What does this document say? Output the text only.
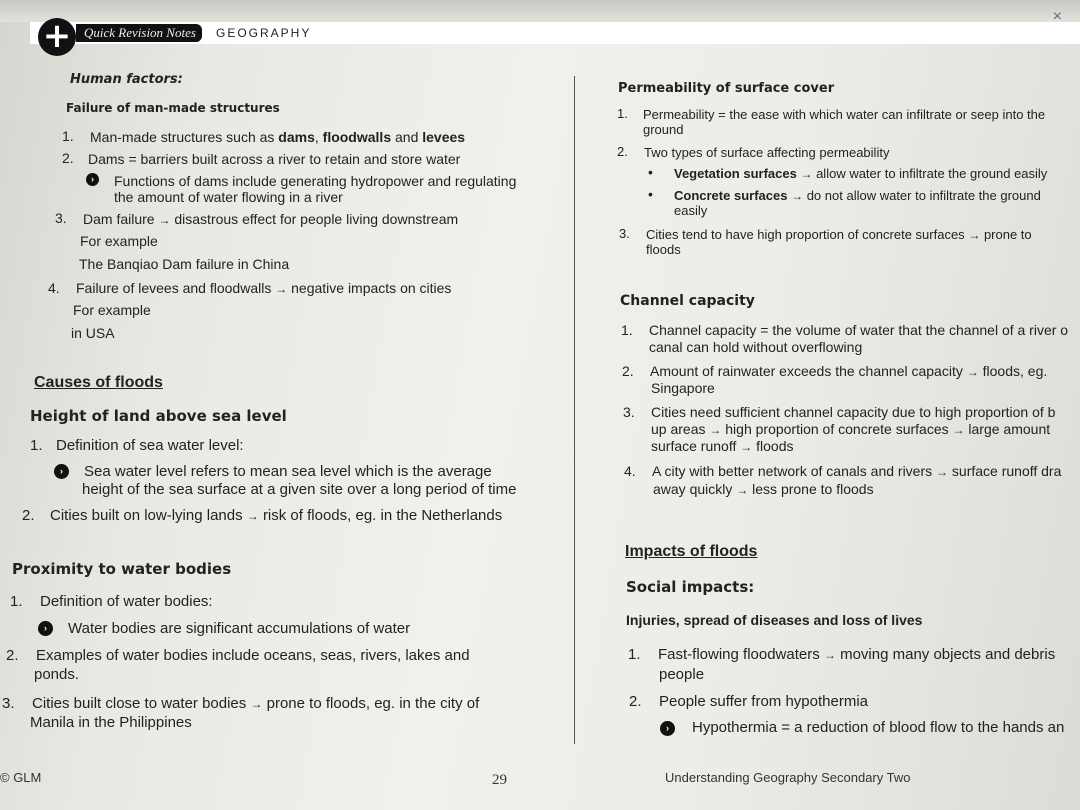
+ Quick Revision Notes	GEOGRAPHY
×
Human factors:
Failure of man-made structures
1. Man-made structures such as dams, floodwalls and levees
2. Dams = barriers built across a river to retain and store water
›	Functions of dams include generating hydropower and regulating
the amount of water flowing in a river
3. Dam failure → disastrous effect for people living downstream
For example
The Banqiao Dam failure in China
4. Failure of levees and floodwalls → negative impacts on cities
For example
in USA
Causes of floods
Height of land above sea level
1. Definition of sea water level:
›	Sea water level refers to mean sea level which is the average
height of the sea surface at a given site over a long period of time
2. Cities built on low-lying lands → risk of floods, eg. in the Netherlands
Proximity to water bodies
1. Definition of water bodies:
›	Water bodies are significant accumulations of water
2. Examples of water bodies include oceans, seas, rivers, lakes and
ponds.
3. Cities built close to water bodies → prone to floods, eg. in the city of
Manila in the Philippines
Permeability of surface cover
1. Permeability = the ease with which water can infiltrate or seep into the
ground
2. Two types of surface affecting permeability
• Vegetation surfaces → allow water to infiltrate the ground easily
• Concrete surfaces → do not allow water to infiltrate the ground
easily
3. Cities tend to have high proportion of concrete surfaces → prone to
floods
Channel capacity
1. Channel capacity = the volume of water that the channel of a river o
canal can hold without overflowing
2. Amount of rainwater exceeds the channel capacity → floods, eg.
Singapore
3. Cities need sufficient channel capacity due to high proportion of b
up areas → high proportion of concrete surfaces → large amount
surface runoff → floods
4. A city with better network of canals and rivers → surface runoff dra
away quickly → less prone to floods
Impacts of floods
Social impacts:
Injuries, spread of diseases and loss of lives
1. Fast-flowing floodwaters → moving many objects and debris
people
2. People suffer from hypothermia
›	Hypothermia = a reduction of blood flow to the hands an
© GLM	29	Understanding Geography Secondary Two
